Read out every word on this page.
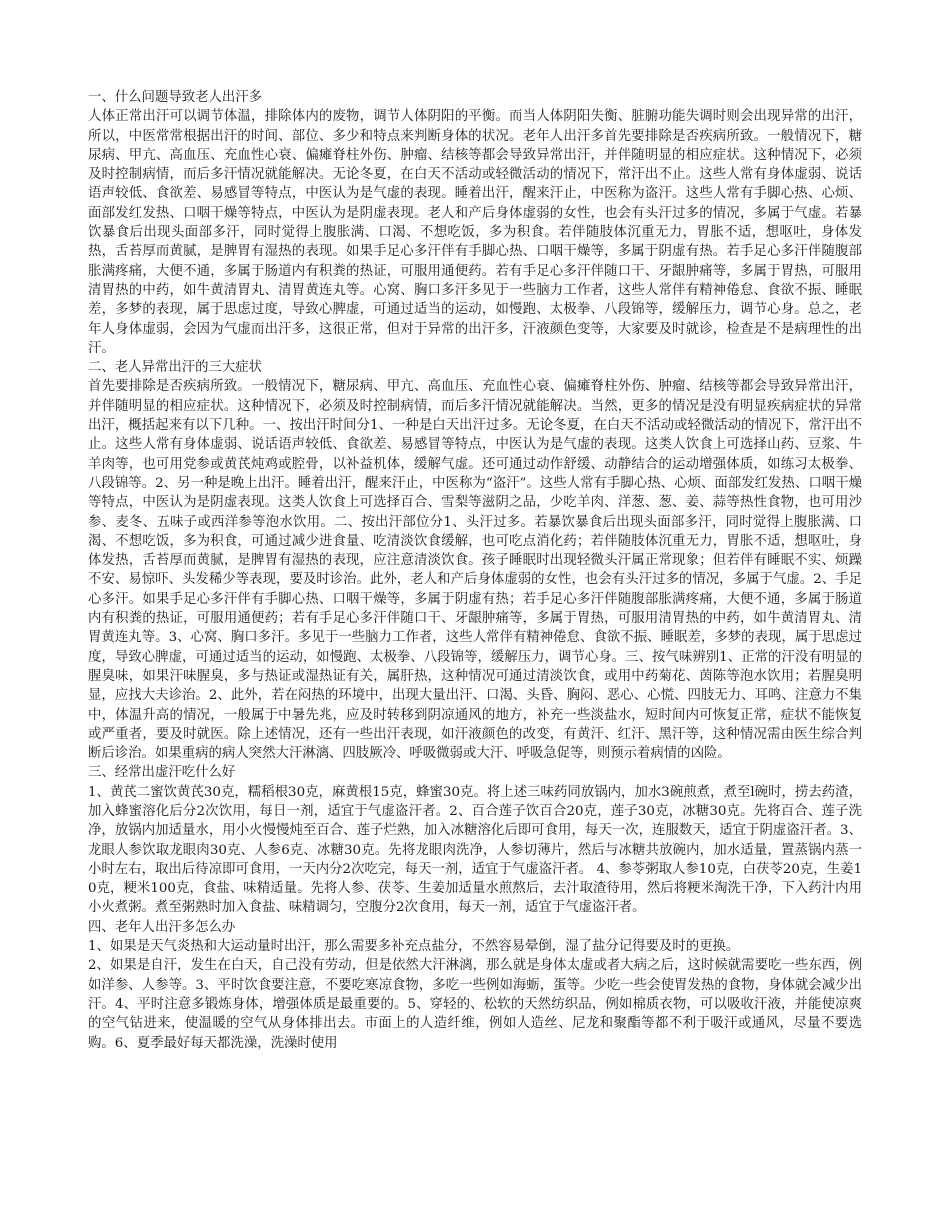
一、什么问题导致老人出汗多

人体正常出汗可以调节体温，排除体内的废物，调节人体阴阳的平衡。而当人体阴阳失衡、脏腑功能失调时则会出现异常的出汗，所以，中医常常根据出汗的时间、部位、多少和特点来判断身体的状况。老年人出汗多首先要排除是否疾病所致。一般情况下，糖尿病、甲亢、高血压、充血性心衰、偏瘫脊柱外伤、肿瘤、结核等都会导致异常出汗，并伴随明显的相应症状。这种情况下，必须及时控制病情，而后多汗情况就能解决。无论冬夏，在白天不活动或轻微活动的情况下，常汗出不止。这些人常有身体虚弱、说话语声较低、食欲差、易感冒等特点，中医认为是气虚的表现。睡着出汗，醒来汗止，中医称为盗汗。这些人常有手脚心热、心烦、面部发红发热、口咽干燥等特点，中医认为是阴虚表现。老人和产后身体虚弱的女性，也会有头汗过多的情况，多属于气虚。若暴饮暴食后出现头面部多汗，同时觉得上腹胀满、口渴、不想吃饭，多为积食。若伴随肢体沉重无力，胃胀不适，想呕吐，身体发热，舌苔厚而黄腻，是脾胃有湿热的表现。如果手足心多汗伴有手脚心热、口咽干燥等，多属于阴虚有热。若手足心多汗伴随腹部胀满疼痛，大便不通，多属于肠道内有积粪的热证，可服用通便药。若有手足心多汗伴随口干、牙龈肿痛等，多属于胃热，可服用清胃热的中药，如牛黄清胃丸、清胃黄连丸等。心窝、胸口多汗多见于一些脑力工作者，这些人常伴有精神倦怠、食欲不振、睡眠差，多梦的表现，属于思虑过度，导致心脾虚，可通过适当的运动，如慢跑、太极拳、八段锦等，缓解压力，调节心身。总之，老年人身体虚弱，会因为气虚而出汗多，这很正常，但对于异常的出汗多，汗液颜色变等，大家要及时就诊，检查是不是病理性的出汗。

二、老人异常出汗的三大症状

首先要排除是否疾病所致。一般情况下，糖尿病、甲亢、高血压、充血性心衰、偏瘫脊柱外伤、肿瘤、结核等都会导致异常出汗，并伴随明显的相应症状。这种情况下，必须及时控制病情，而后多汗情况就能解决。当然，更多的情况是没有明显疾病症状的异常出汗，概括起来有以下几种。一、按出汗时间分1、一种是白天出汗过多。无论冬夏，在白天不活动或轻微活动的情况下，常汗出不止。这些人常有身体虚弱、说话语声较低、食欲差、易感冒等特点，中医认为是气虚的表现。这类人饮食上可选择山药、豆浆、牛羊肉等，也可用党参或黄芪炖鸡或腔骨，以补益机体，缓解气虚。还可通过动作舒缓、动静结合的运动增强体质，如练习太极拳、八段锦等。2、另一种是晚上出汗。睡着出汗，醒来汗止，中医称为“盗汗”。这些人常有手脚心热、心烦、面部发红发热、口咽干燥等特点，中医认为是阴虚表现。这类人饮食上可选择百合、雪梨等滋阴之品，少吃羊肉、洋葱、葱、姜、蒜等热性食物，也可用沙参、麦冬、五味子或西洋参等泡水饮用。二、按出汗部位分1、头汗过多。若暴饮暴食后出现头面部多汗，同时觉得上腹胀满、口渴、不想吃饭，多为积食，可通过减少进食量、吃清淡饮食缓解，也可吃点消化药；若伴随肢体沉重无力，胃胀不适，想呕吐，身体发热，舌苔厚而黄腻，是脾胃有湿热的表现，应注意清淡饮食。孩子睡眠时出现轻微头汗属正常现象；但若伴有睡眠不实、烦躁不安、易惊吓、头发稀少等表现，要及时诊治。此外，老人和产后身体虚弱的女性，也会有头汗过多的情况，多属于气虚。2、手足心多汗。如果手足心多汗伴有手脚心热、口咽干燥等，多属于阴虚有热；若手足心多汗伴随腹部胀满疼痛，大便不通，多属于肠道内有积粪的热证，可服用通便药；若有手足心多汗伴随口干、牙龈肿痛等，多属于胃热，可服用清胃热的中药，如牛黄清胃丸、清胃黄连丸等。3、心窝、胸口多汗。多见于一些脑力工作者，这些人常伴有精神倦怠、食欲不振、睡眠差，多梦的表现，属于思虑过度，导致心脾虚，可通过适当的运动，如慢跑、太极拳、八段锦等，缓解压力，调节心身。三、按气味辨别1、正常的汗没有明显的腥臭味，如果汗味腥臭，多与热证或湿热证有关，属肝热，这种情况可通过清淡饮食，或用中药菊花、茵陈等泡水饮用；若腥臭明显，应找大夫诊治。2、此外，若在闷热的环境中，出现大量出汗、口渴、头昏、胸闷、恶心、心慌、四肢无力、耳鸣、注意力不集中，体温升高的情况，一般属于中暑先兆，应及时转移到阴凉通风的地方，补充一些淡盐水，短时间内可恢复正常，症状不能恢复或严重者，要及时就医。除上述情况，还有一些出汗表现，如汗液颜色的改变，有黄汗、红汗、黑汗等，这种情况需由医生综合判断后诊治。如果重病的病人突然大汗淋漓、四肢厥冷、呼吸微弱或大汗、呼吸急促等，则预示着病情的凶险。

三、经常出虚汗吃什么好

1、黄芪二蜜饮黄芪30克，糯稻根30克，麻黄根15克，蜂蜜30克。将上述三味药同放锅内，加水3碗煎煮，煮至l碗时，捞去药渣，加入蜂蜜溶化后分2次饮用，每日一剂，适宜于气虚盗汗者。2、百合莲子饮百合20克，莲子30克，冰糖30克。先将百合、莲子洗净，放锅内加适量水，用小火慢慢炖至百合、莲子烂熟，加入冰糖溶化后即可食用，每天一次，连服数天，适宜于阴虚盗汗者。3、龙眼人参饮取龙眼肉30克、人参6克、冰糖30克。先将龙眼肉洗净，人参切薄片，然后与冰糖共放碗内，加水适量，置蒸锅内蒸一小时左右，取出后待凉即可食用，一天内分2次吃完，每天一剂，适宜于气虚盗汗者。 4、参苓粥取人参10克，白茯苓20克，生姜10克，粳米100克，食盐、味精适量。先将人参、茯苓、生姜加适量水煎熬后，去汁取渣待用，然后将粳米淘洗干净，下入药汁内用小火煮粥。煮至粥熟时加入食盐、味精调匀，空腹分2次食用，每天一剂，适宜于气虚盗汗者。

四、老年人出汗多怎么办

1、如果是天气炎热和大运动量时出汗，那么需要多补充点盐分，不然容易晕倒，湿了盐分记得要及时的更换。

2、如果是自汗，发生在白天，自己没有劳动，但是依然大汗淋漓，那么就是身体太虚或者大病之后，这时候就需要吃一些东西，例如洋参、人参等。3、平时饮食要注意，不要吃寒凉食物，多吃一些例如海蛎，蛋等。少吃一些会使胃发热的食物，身体就会减少出汗。4、平时注意多锻炼身体，增强体质是最重要的。5、穿轻的、松软的天然纺织品，例如棉质衣物，可以吸收汗液，并能使凉爽的空气钻进来，使温暖的空气从身体排出去。市面上的人造纤维，例如人造丝、尼龙和聚酯等都不利于吸汗或通风，尽量不要选购。6、夏季最好每天都洗澡，洗澡时使用
